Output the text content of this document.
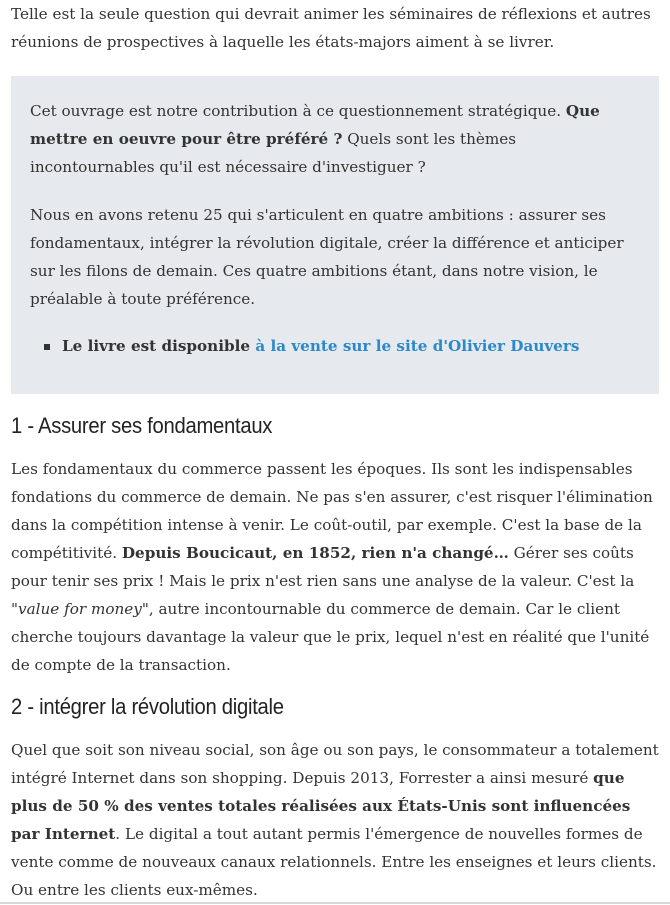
Telle est la seule question qui devrait animer les séminaires de réflexions et autres réunions de prospectives à laquelle les états-majors aiment à se livrer.

Cet ouvrage est notre contribution à ce questionnement stratégique. Que mettre en oeuvre pour être préféré ? Quels sont les thèmes incontournables qu'il est nécessaire d'investiguer ?

Nous en avons retenu 25 qui s'articulent en quatre ambitions : assurer ses fondamentaux, intégrer la révolution digitale, créer la différence et anticiper sur les filons de demain. Ces quatre ambitions étant, dans notre vision, le préalable à toute préférence.

Le livre est disponible à la vente sur le site d'Olivier Dauvers
1 - Assurer ses fondamentaux

Les fondamentaux du commerce passent les époques. Ils sont les indispensables fondations du commerce de demain. Ne pas s'en assurer, c'est risquer l'élimination dans la compétition intense à venir. Le coût-outil, par exemple. C'est la base de la compétitivité. Depuis Boucicaut, en 1852, rien n'a changé… Gérer ses coûts pour tenir ses prix ! Mais le prix n'est rien sans une analyse de la valeur. C'est la "value for money", autre incontournable du commerce de demain. Car le client cherche toujours davantage la valeur que le prix, lequel n'est en réalité que l'unité de compte de la transaction.

2 - intégrer la révolution digitale

Quel que soit son niveau social, son âge ou son pays, le consommateur a totalement intégré Internet dans son shopping. Depuis 2013, Forrester a ainsi mesuré que plus de 50 % des ventes totales réalisées aux États-Unis sont influencées par Internet. Le digital a tout autant permis l'émergence de nouvelles formes de vente comme de nouveaux canaux relationnels. Entre les enseignes et leurs clients. Ou entre les clients eux-mêmes.
